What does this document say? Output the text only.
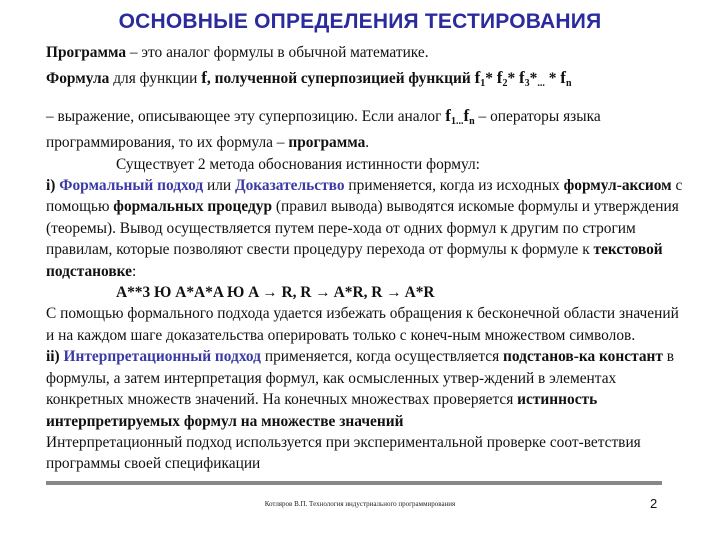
ОСНОВНЫЕ ОПРЕДЕЛЕНИЯ ТЕСТИРОВАНИЯ

Программа – это аналог формулы в обычной математике.

Формула для функции f, полученной суперпозицией функций $f_1*$ $f_2*$ $f_3*_{...} * f_n$

– выражение, описывающее эту суперпозицию. Если аналог $f_{1...}f_n$ – операторы языка программирования, то их формула – программа.

Существует 2 метода обоснования истинности формул:

i) Формальный подход или Доказательство применяется, когда из исходных формул-аксиом с помощью формальных процедур (правил вывода) выводятся искомые формулы и утверждения (теоремы). Вывод осуществляется путем пере-хода от одних формул к другим по строгим правилам, которые позволяют свести процедуру перехода от формулы к формуле к текстовой подстановке:

A**3 Ю A*A*A Ю A → R, R → A*R, R → A*R

С помощью формального подхода удается избежать обращения к бесконечной области значений и на каждом шаге доказательства оперировать только с конеч-ным множеством символов.

ii) Интерпретационный подход применяется, когда осуществляется подстанов-ка констант в формулы, а затем интерпретация формул, как осмысленных утвер-ждений в элементах конкретных множеств значений. На конечных множествах проверяется истинность интерпретируемых формул на множестве значений

Интерпретационный подход используется при экспериментальной проверке соот-ветствия программы своей спецификации

Котляров В.П. Технология индустриального программирования	2
